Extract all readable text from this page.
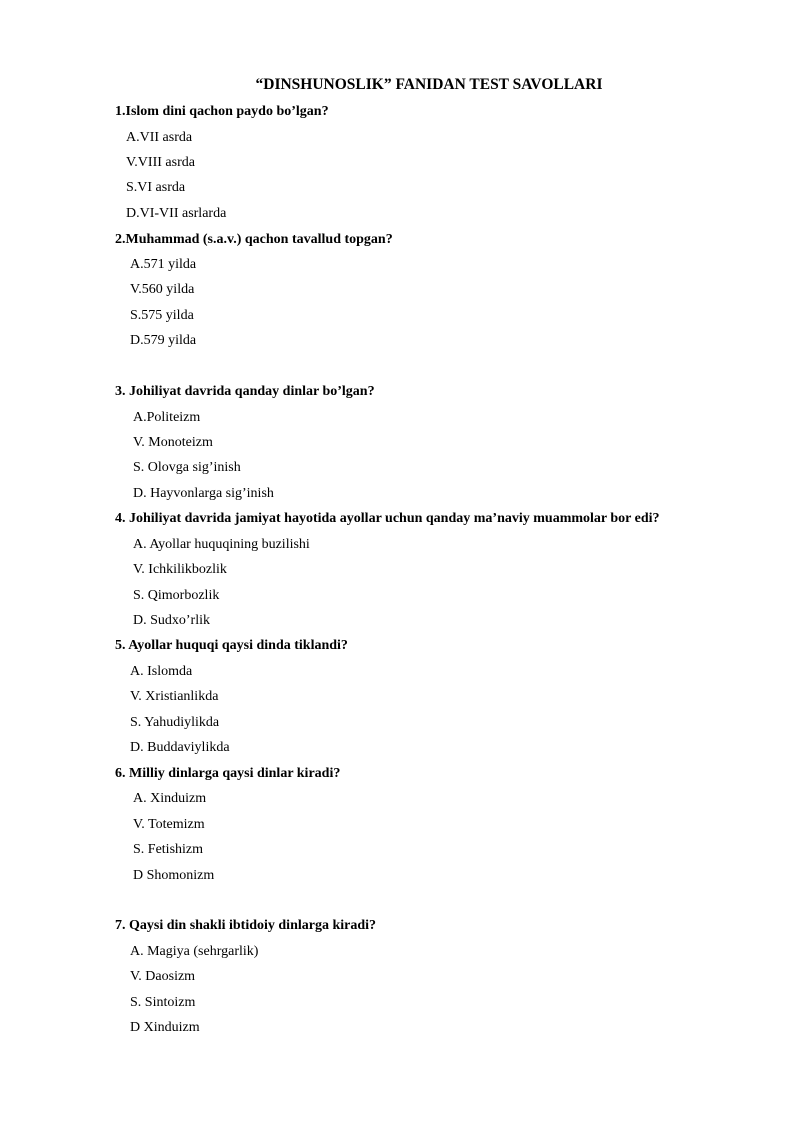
“DINSHUNOSLIK” FANIDAN TEST SAVOLLARI
1.Islom dini qachon paydo bo’lgan?
A.VII asrda
V.VIII asrda
S.VI asrda
D.VI-VII asrlarda
2.Muhammad (s.a.v.) qachon tavallud topgan?
A.571 yilda
V.560 yilda
S.575 yilda
D.579 yilda
3. Johiliyat davrida qanday dinlar bo’lgan?
A.Politeizm
V. Monoteizm
S. Olovga sig’inish
D. Hayvonlarga sig’inish
4. Johiliyat davrida jamiyat hayotida ayollar uchun qanday ma’naviy muammolar bor edi?
A. Ayollar huquqining buzilishi
V. Ichkilikbozlik
S. Qimorbozlik
D. Sudxo’rlik
5. Ayollar huquqi qaysi dinda tiklandi?
A. Islomda
V. Xristianlikda
S. Yahudiylikda
D. Buddaviylikda
6. Milliy dinlarga qaysi dinlar kiradi?
A. Xinduizm
V. Totemizm
S. Fetishizm
D Shomonizm
7. Qaysi din shakli ibtidoiy dinlarga kiradi?
A. Magiya (sehrgarlik)
V. Daosizm
S. Sintoizm
D Xinduizm
